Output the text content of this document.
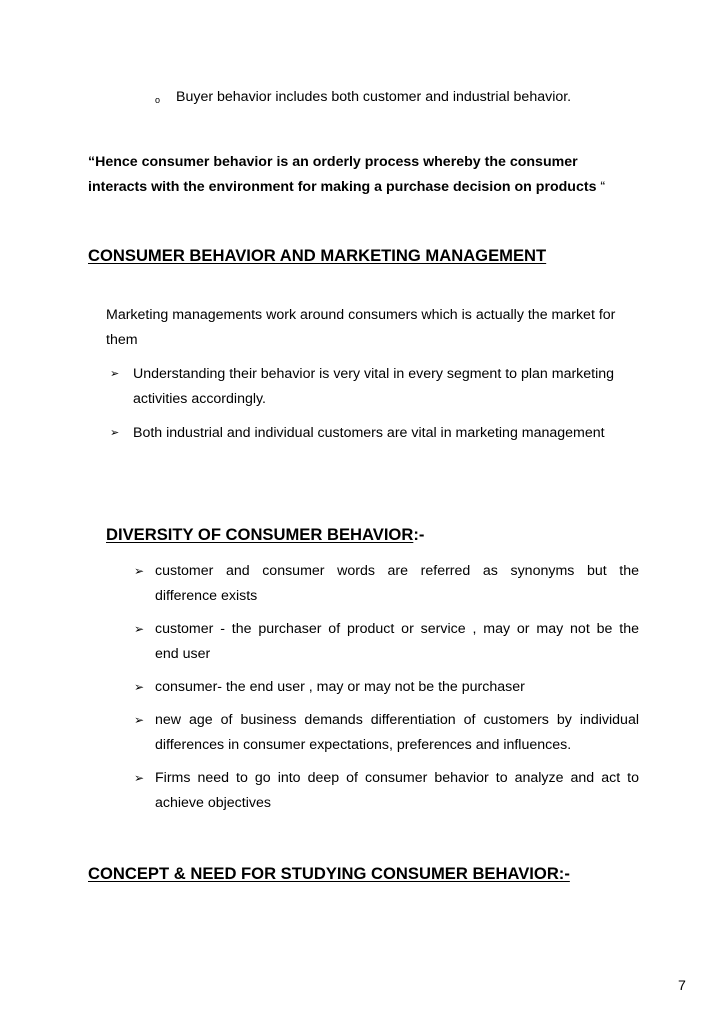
o Buyer behavior includes both customer and industrial behavior.
“Hence consumer behavior is an orderly process whereby the consumer
interacts with the environment for making a purchase decision on products “
CONSUMER BEHAVIOR AND MARKETING MANAGEMENT
Marketing managements work around consumers which is actually the market for
them
➢ Understanding their behavior is very vital in every segment to plan marketing
activities accordingly.
➢ Both industrial and individual customers are vital in marketing management
DIVERSITY OF CONSUMER BEHAVIOR:-
➢ customer and consumer words are referred as synonyms but the
difference exists
➢ customer - the purchaser of product or service , may or may not be the
end user
➢ consumer- the end user , may or may not be the purchaser
➢ new age of business demands differentiation of customers by individual
differences in consumer expectations, preferences and influences.
➢ Firms need to go into deep of consumer behavior to analyze and act to
achieve objectives
CONCEPT & NEED FOR STUDYING CONSUMER BEHAVIOR:-
7
